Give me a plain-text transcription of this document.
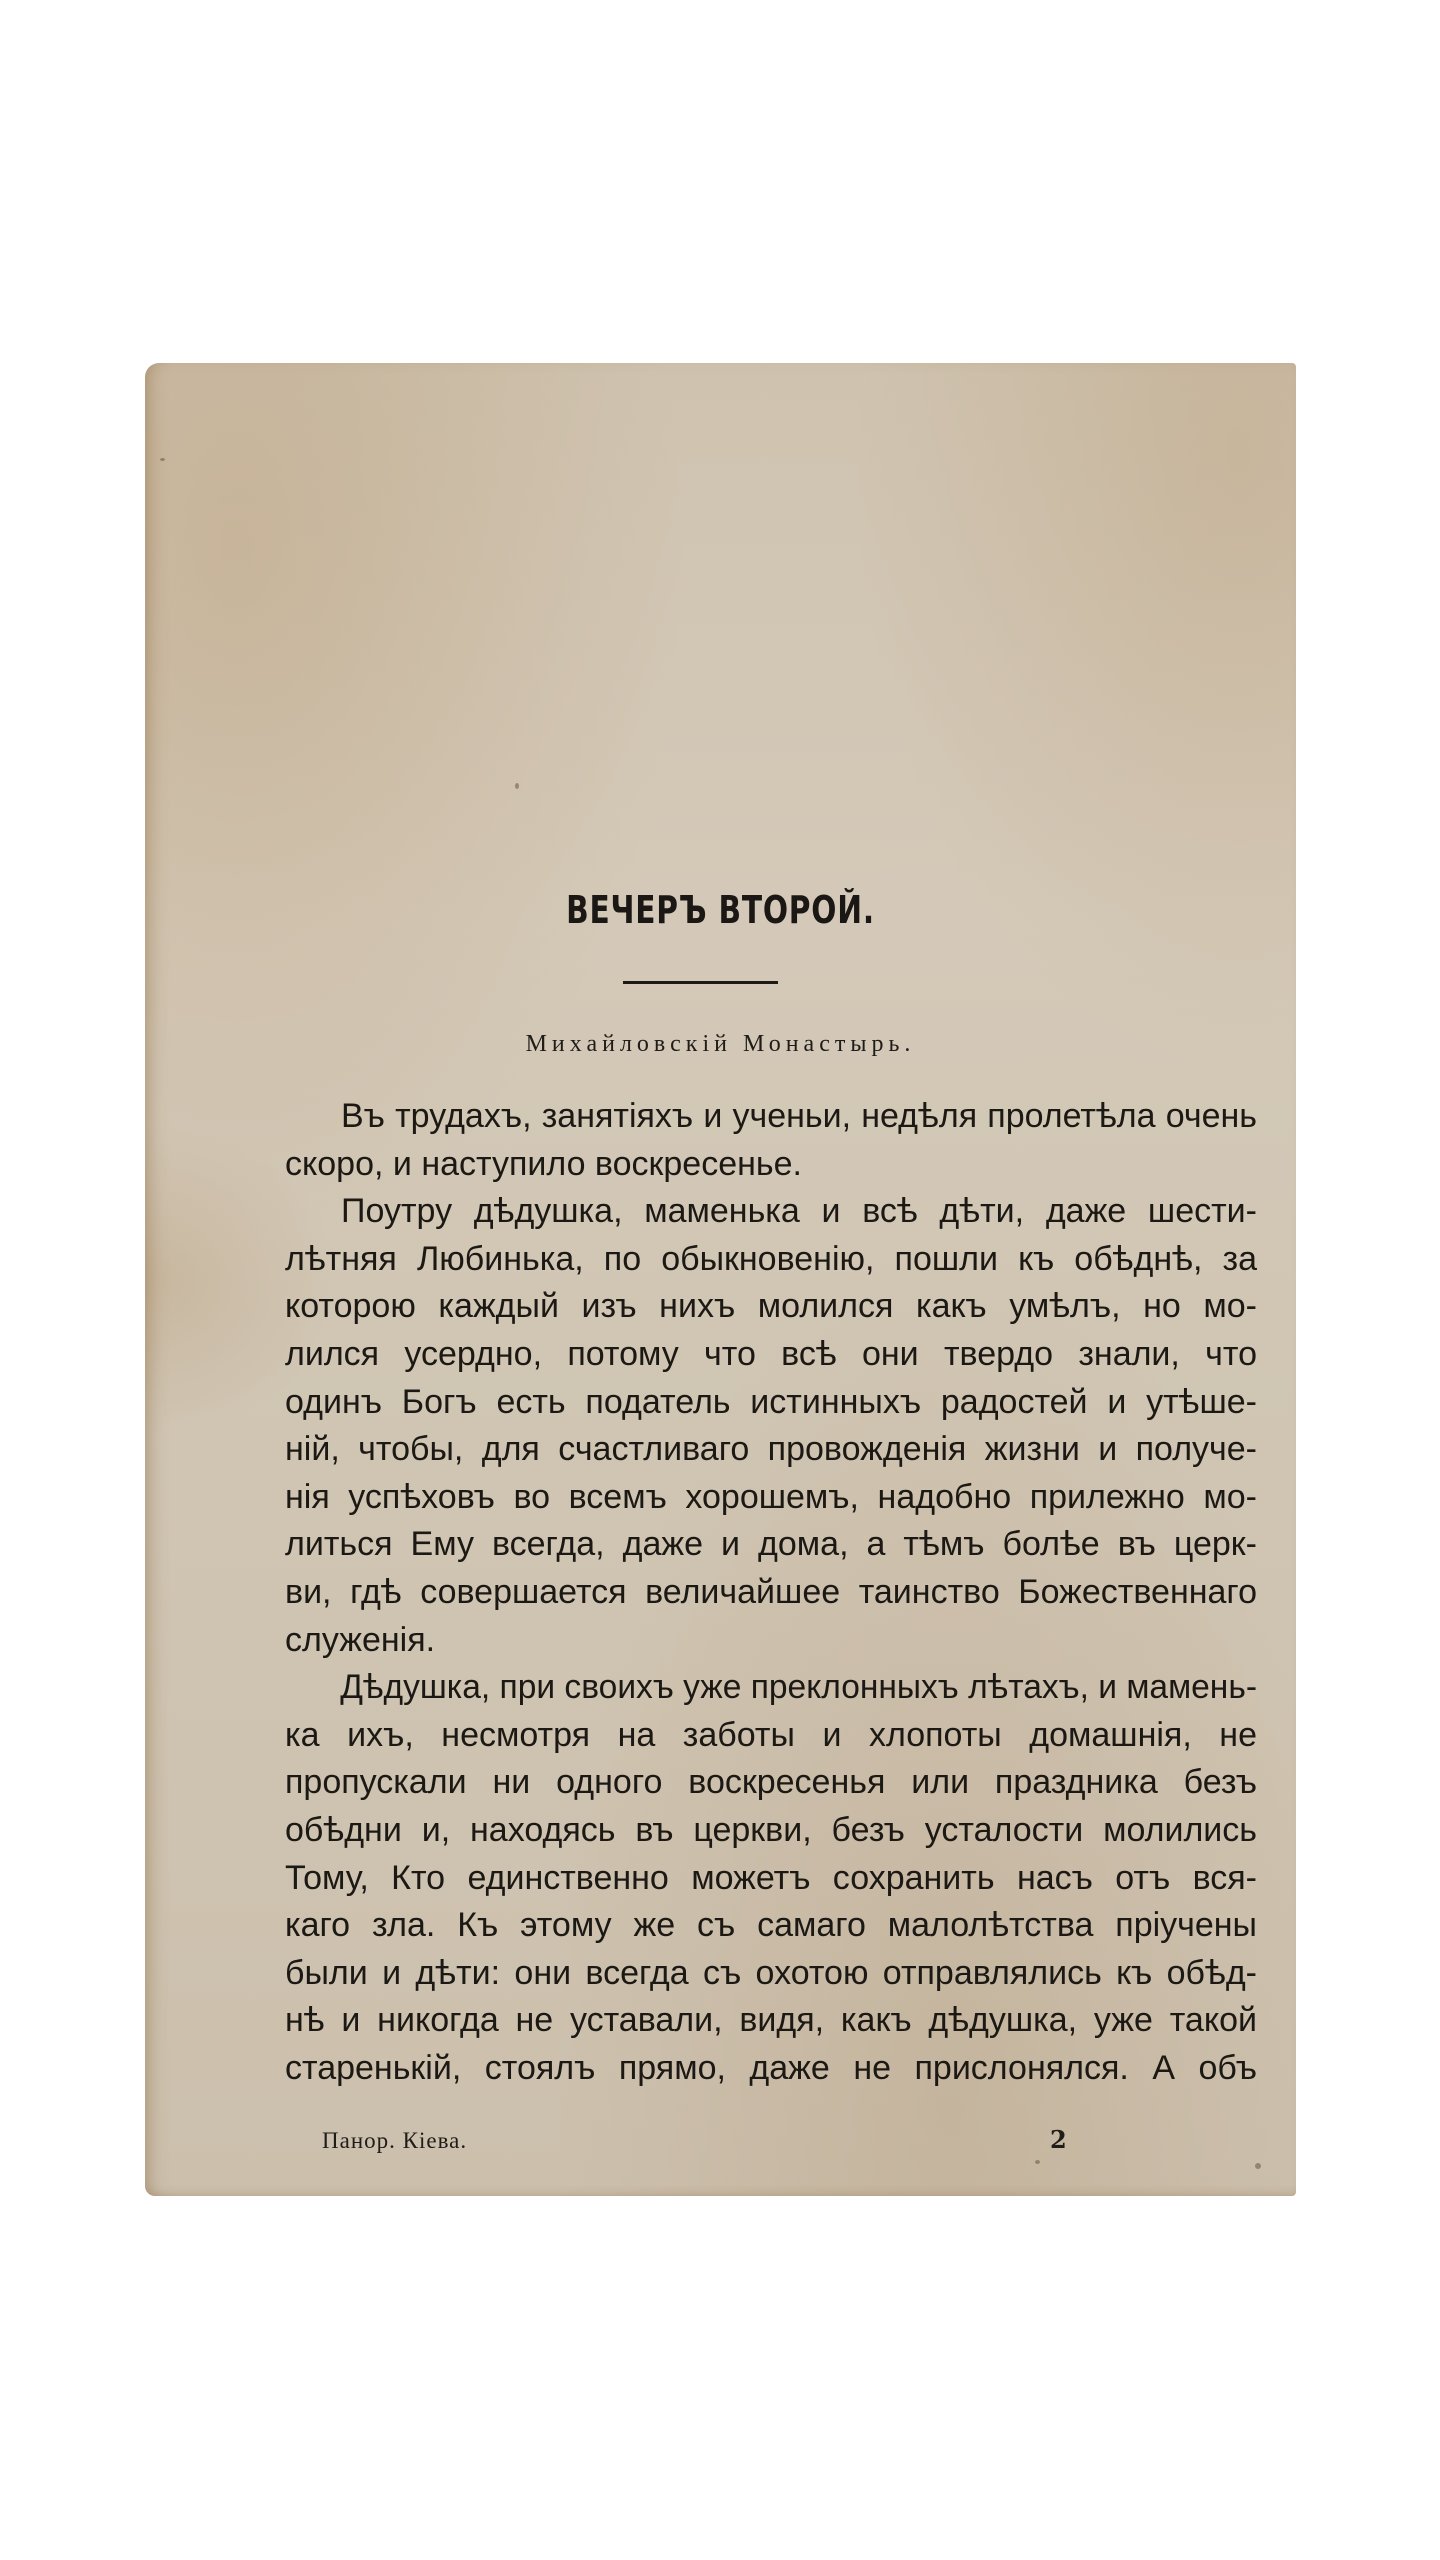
ВЕЧЕРЪ ВТОРОЙ.
Михайловскій Монастырь.
Въ трудахъ, занятіяхъ и ученьи, недѣля пролетѣла очень
скоро, и наступило воскресенье.
Поутру дѣдушка, маменька и всѣ дѣти, даже шести-
лѣтняя Любинька, по обыкновенію, пошли къ обѣднѣ, за
которою каждый изъ нихъ молился какъ умѣлъ, но мо-
лился усердно, потому что всѣ они твердо знали, что
одинъ Богъ есть податель истинныхъ радостей и утѣше-
ній, чтобы, для счастливаго провожденія жизни и получе-
нія успѣховъ во всемъ хорошемъ, надобно прилежно мо-
литься Ему всегда, даже и дома, а тѣмъ болѣе въ церк-
ви, гдѣ совершается величайшее таинство Божественнаго
служенія.
Дѣдушка, при своихъ уже преклонныхъ лѣтахъ, и мамень-
ка ихъ, несмотря на заботы и хлопоты домашнія, не
пропускали ни одного воскресенья или праздника безъ
обѣдни и, находясь въ церкви, безъ усталости молились
Тому, Кто единственно можетъ сохранить насъ отъ вся-
каго зла. Къ этому же съ самаго малолѣтства пріучены
были и дѣти: они всегда съ охотою отправлялись къ обѣд-
нѣ и никогда не уставали, видя, какъ дѣдушка, уже такой
старенькій, стоялъ прямо, даже не прислонялся. А объ
Панор. Кіева.	2
